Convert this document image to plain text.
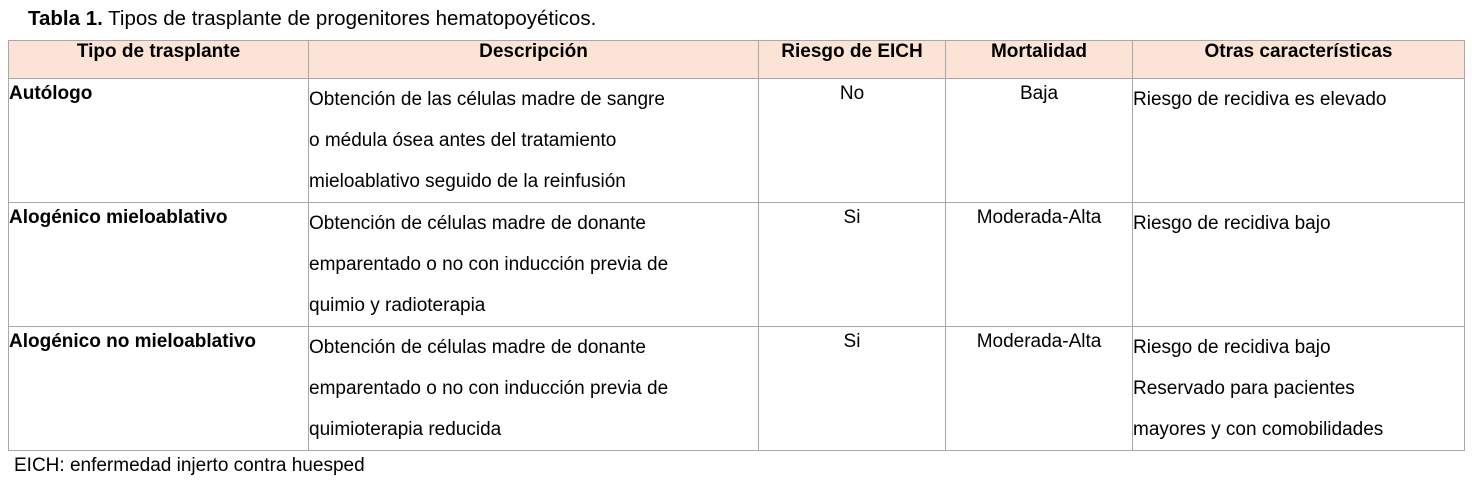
Tabla 1. Tipos de trasplante de progenitores hematopoyéticos.
Tipo de trasplante	Descripción	Riesgo de EICH	Mortalidad	Otras características
Autólogo	Obtención de las células madre de sangre
o médula ósea antes del tratamiento
mieloablativo seguido de la reinfusión	No	Baja	Riesgo de recidiva es elevado

Alogénico mieloablativo	Obtención de células madre de donante
emparentado o no con inducción previa de
quimio y radioterapia	Si	Moderada-Alta	Riesgo de recidiva bajo

Alogénico no mieloablativo	Obtención de células madre de donante
emparentado o no con inducción previa de
quimioterapia reducida	Si	Moderada-Alta	Riesgo de recidiva bajo
Reservado para pacientes
mayores y con comobilidades
EICH: enfermedad injerto contra huesped
